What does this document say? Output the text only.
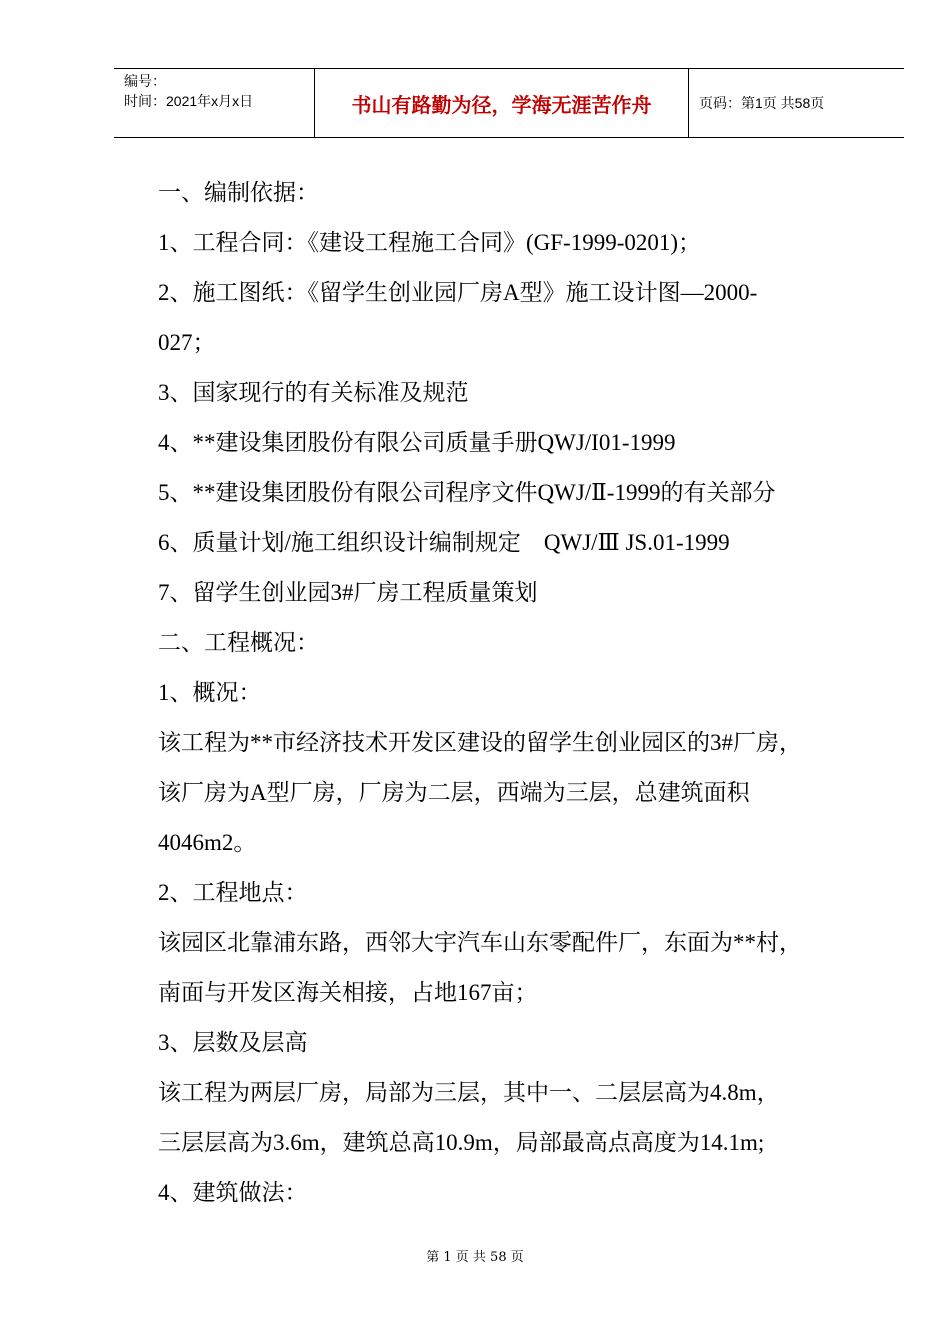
编号：
时间：2021年x月x日	书山有路勤为径，学海无涯苦作舟	页码：第1页 共58页
一、编制依据：
1、工程合同：《建设工程施工合同》(GF-1999-0201)；
2、施工图纸：《留学生创业园厂房A型》施工设计图—2000-
027；
3、国家现行的有关标准及规范
4、**建设集团股份有限公司质量手册QWJ/I01-1999
5、**建设集团股份有限公司程序文件QWJ/Ⅱ-1999的有关部分
6、质量计划/施工组织设计编制规定　QWJ/Ⅲ JS.01-1999
7、留学生创业园3#厂房工程质量策划
二、工程概况：
1、概况：
该工程为**市经济技术开发区建设的留学生创业园区的3#厂房，
该厂房为A型厂房，厂房为二层，西端为三层，总建筑面积
4046m2。
2、工程地点：
该园区北靠浦东路，西邻大宇汽车山东零配件厂，东面为**村，
南面与开发区海关相接，占地167亩；
3、层数及层高
该工程为两层厂房，局部为三层，其中一、二层层高为4.8m，
三层层高为3.6m，建筑总高10.9m，局部最高点高度为14.1m;
4、建筑做法：
第 1 页 共 58 页
